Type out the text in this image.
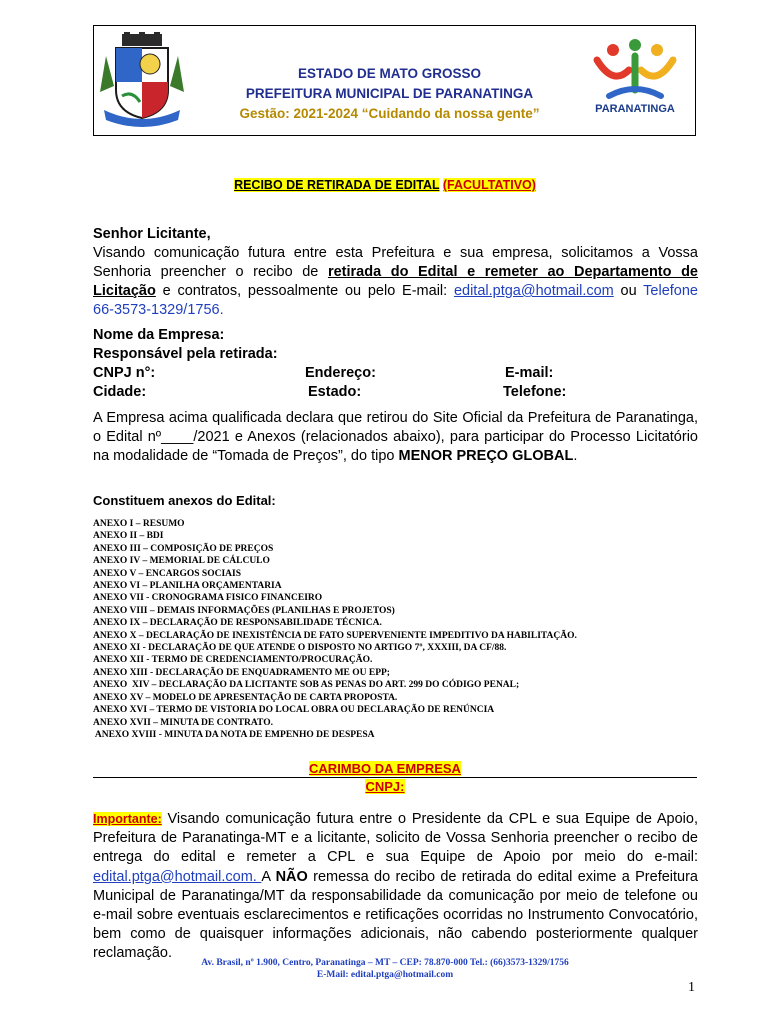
PARANATINGA
ESTADO DE MATO GROSSO
PREFEITURA MUNICIPAL DE PARANATINGA
Gestão: 2021-2024 “Cuidando da nossa gente”
RECIBO DE RETIRADA DE EDITAL (FACULTATIVO)
Senhor Licitante,
Visando comunicação futura entre esta Prefeitura e sua empresa, solicitamos a Vossa Senhoria preencher o recibo de retirada do Edital e remeter ao Departamento de Licitação e contratos, pessoalmente ou pelo E-mail: edital.ptga@hotmail.com ou Telefone 66-3573-1329/1756.
Nome da Empresa:
Responsável pela retirada:
CNPJ n°:	Endereço:	E-mail:
Cidade:	Estado:	Telefone:
A Empresa acima qualificada declara que retirou do Site Oficial da Prefeitura de Paranatinga, o Edital nº____/2021 e Anexos (relacionados abaixo), para participar do Processo Licitatório na modalidade de “Tomada de Preços”, do tipo MENOR PREÇO GLOBAL.
Constituem anexos do Edital:
ANEXO I – RESUMO
ANEXO II – BDI
ANEXO III – COMPOSIÇÃO DE PREÇOS
ANEXO IV – MEMORIAL DE CÁLCULO
ANEXO V – ENCARGOS SOCIAIS
ANEXO VI – PLANILHA ORÇAMENTARIA
ANEXO VII - CRONOGRAMA FISICO FINANCEIRO
ANEXO VIII – DEMAIS INFORMAÇÕES (PLANILHAS E PROJETOS)
ANEXO IX – DECLARAÇÃO DE RESPONSABILIDADE TÉCNICA.
ANEXO X – DECLARAÇÃO DE INEXISTÊNCIA DE FATO SUPERVENIENTE IMPEDITIVO DA HABILITAÇÃO.
ANEXO XI - DECLARAÇÃO DE QUE ATENDE O DISPOSTO NO ARTIGO 7º, XXXIII, DA CF/88.
ANEXO XII - TERMO DE CREDENCIAMENTO/PROCURAÇÃO.
ANEXO XIII - DECLARAÇÃO DE ENQUADRAMENTO ME OU EPP;
ANEXO  XIV – DECLARAÇÃO DA LICITANTE SOB AS PENAS DO ART. 299 DO CÓDIGO PENAL;
ANEXO XV – MODELO DE APRESENTAÇÃO DE CARTA PROPOSTA.
ANEXO XVI – TERMO DE VISTORIA DO LOCAL OBRA OU DECLARAÇÃO DE RENÚNCIA
ANEXO XVII – MINUTA DE CONTRATO.
ANEXO XVIII - MINUTA DA NOTA DE EMPENHO DE DESPESA
CARIMBO DA EMPRESA
CNPJ:
Importante: Visando comunicação futura entre o Presidente da CPL e sua Equipe de Apoio, Prefeitura de Paranatinga-MT e a licitante, solicito de Vossa Senhoria preencher o recibo de entrega do edital e remeter a CPL e sua Equipe de Apoio por meio do e-mail: edital.ptga@hotmail.com. A NÃO remessa do recibo de retirada do edital exime a Prefeitura Municipal de Paranatinga/MT da responsabilidade da comunicação por meio de telefone ou e-mail sobre eventuais esclarecimentos e retificações ocorridas no Instrumento Convocatório, bem como de quaisquer informações adicionais, não cabendo posteriormente qualquer reclamação.
Av. Brasil, nº 1.900, Centro, Paranatinga – MT – CEP: 78.870-000 Tel.: (66)3573-1329/1756
E-Mail: edital.ptga@hotmail.com
1
